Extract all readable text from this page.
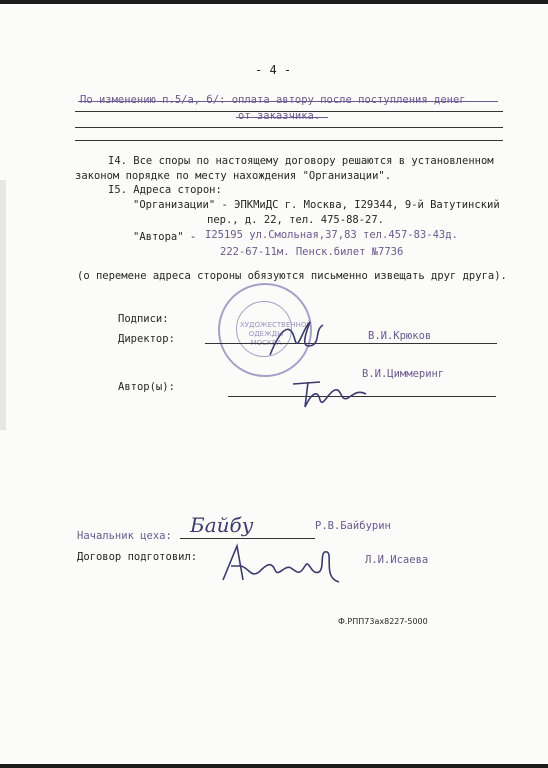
- 4 -
По изменению п.5/а, б/: оплата автору после поступления денег
от заказчика.
I4. Все споры по настоящему договору решаются в установленном
законом порядке по месту нахождения "Организации".
I5. Адреса сторон:
"Организации" - ЭПКМиДС г. Москва, I29344, 9-й Ватутинский
пер., д. 22, тел. 475-88-27.
"Автора" - I25195 ул.Смольная,37,83 тел.457-83-43д.
222-67-11м. Пенск.билет №7736
(о перемене адреса стороны обязуются письменно извещать друг друга).
ХУДОЖЕСТВЕННОЙ ОДЕЖДЫ МОСКВА
Подписи:
Директор:	В.И.Крюков
В.И.Циммеринг
Автор(ы):
Начальник цеха: Байбу	Р.В.Байбурин
Договор подготовил:	Л.И.Исаева
Ф.РПП73ах8227-5000
